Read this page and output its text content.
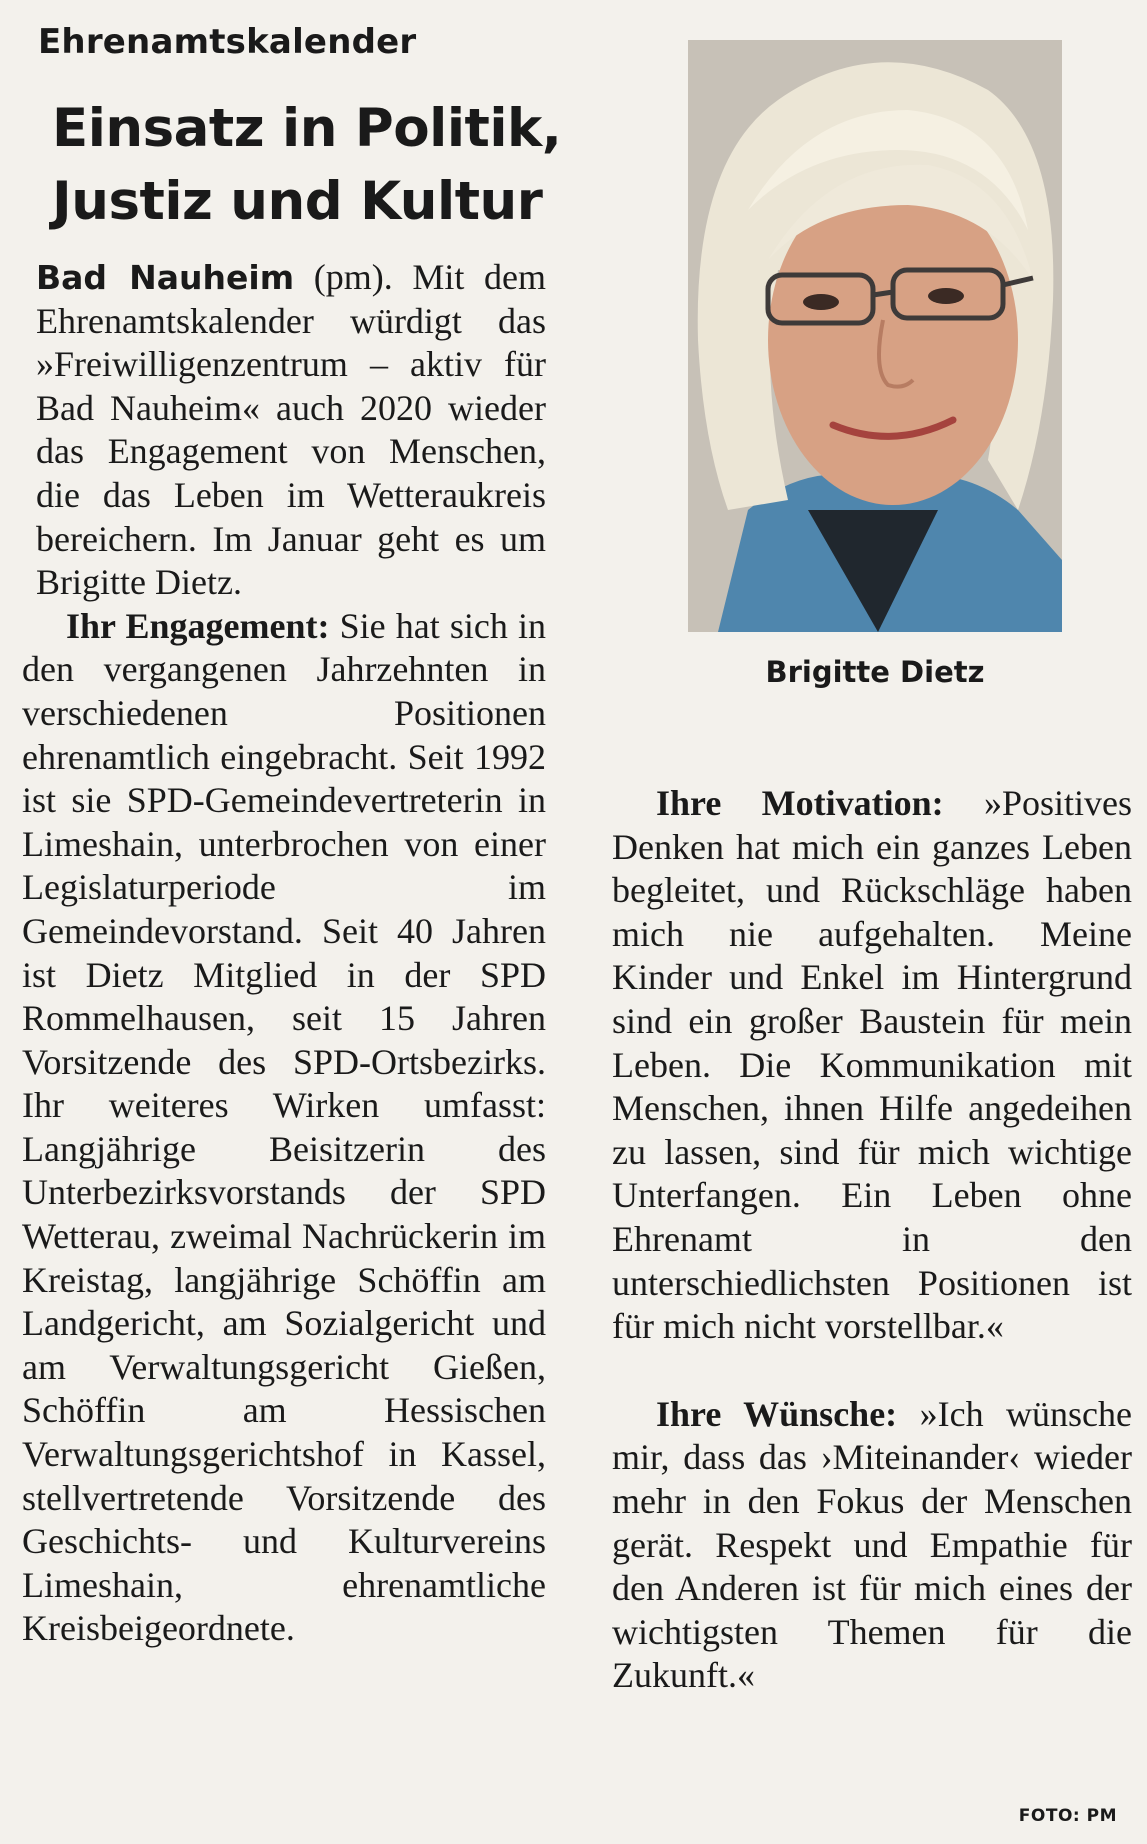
Ehrenamtskalender
Einsatz in Politik,
Justiz und Kultur

Bad Nauheim (pm). Mit dem Ehrenamtskalender würdigt das »Freiwilligenzentrum – aktiv für Bad Nauheim« auch 2020 wieder das Engagement von Menschen, die das Leben im Wetteraukreis bereichern. Im Januar geht es um Brigitte Dietz.

Ihr Engagement: Sie hat sich in den vergangenen Jahrzehnten in verschiedenen Positionen ehrenamtlich eingebracht. Seit 1992 ist sie SPD-Gemeindevertreterin in Limeshain, unterbrochen von einer Legislaturperiode im Gemeindevorstand. Seit 40 Jahren ist Dietz Mitglied in der SPD Rommelhausen, seit 15 Jahren Vorsitzende des SPD-Ortsbezirks. Ihr weiteres Wirken umfasst: Langjährige Beisitzerin des Unterbezirksvorstands der SPD Wetterau, zweimal Nachrückerin im Kreistag, langjährige Schöffin am Landgericht, am Sozialgericht und am Verwaltungsgericht Gießen, Schöffin am Hessischen Verwaltungsgerichtshof in Kassel, stellvertretende Vorsitzende des Geschichts- und Kulturvereins Limeshain, ehrenamtliche Kreisbeigeordnete.

Brigitte Dietz

Ihre Motivation: »Positives Denken hat mich ein ganzes Leben begleitet, und Rückschläge haben mich nie aufgehalten. Meine Kinder und Enkel im Hintergrund sind ein großer Baustein für mein Leben. Die Kommunikation mit Menschen, ihnen Hilfe angedeihen zu lassen, sind für mich wichtige Unterfangen. Ein Leben ohne Ehrenamt in den unterschiedlichsten Positionen ist für mich nicht vorstellbar.«

Ihre Wünsche: »Ich wünsche mir, dass das ›Miteinander‹ wieder mehr in den Fokus der Menschen gerät. Respekt und Empathie für den Anderen ist für mich eines der wichtigsten Themen für die Zukunft.«

FOTO: PM
